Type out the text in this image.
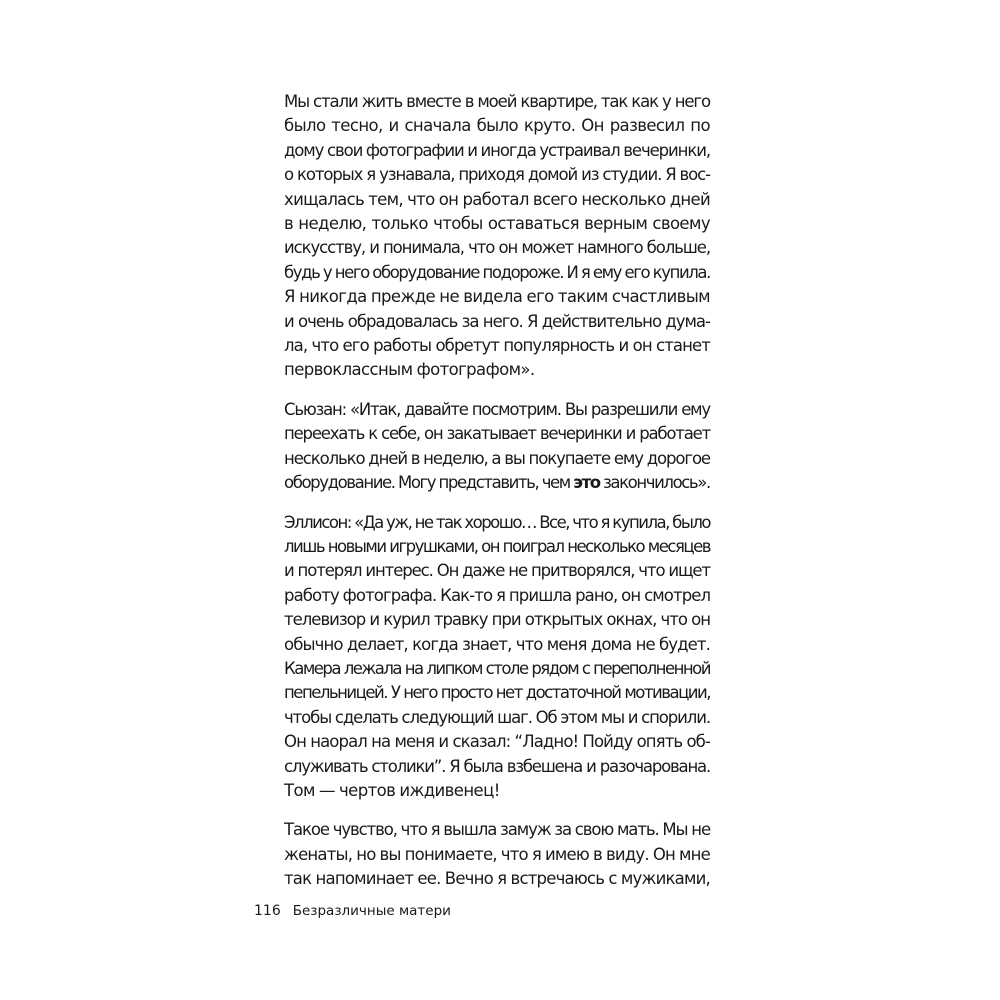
Мы стали жить вместе в моей квартире, так как у него
было тесно, и сначала было круто. Он развесил по
дому свои фотографии и иногда устраивал вечеринки,
о которых я узнавала, приходя домой из студии. Я вос-
хищалась тем, что он работал всего несколько дней
в неделю, только чтобы оставаться верным своему
искусству, и понимала, что он может намного больше,
будь у него оборудование подороже. И я ему его купила.
Я никогда прежде не видела его таким счастливым
и очень обрадовалась за него. Я действительно дума-
ла, что его работы обретут популярность и он станет
первоклассным фотографом».

Сьюзан: «Итак, давайте посмотрим. Вы разрешили ему
переехать к себе, он закатывает вечеринки и работает
несколько дней в неделю, а вы покупаете ему дорогое
оборудование. Могу представить, чем это закончилось».

Эллисон: «Да уж, не так хорошо… Все, что я купила, было
лишь новыми игрушками, он поиграл несколько месяцев
и потерял интерес. Он даже не притворялся, что ищет
работу фотографа. Как-то я пришла рано, он смотрел
телевизор и курил травку при открытых окнах, что он
обычно делает, когда знает, что меня дома не будет.
Камера лежала на липком столе рядом с переполненной
пепельницей. У него просто нет достаточной мотивации,
чтобы сделать следующий шаг. Об этом мы и спорили.
Он наорал на меня и сказал: “Ладно! Пойду опять об-
служивать столики”. Я была взбешена и разочарована.
Том — чертов иждивенец!

Такое чувство, что я вышла замуж за свою мать. Мы не
женаты, но вы понимаете, что я имею в виду. Он мне
так напоминает ее. Вечно я встречаюсь с мужиками,

116 Безразличные матери
